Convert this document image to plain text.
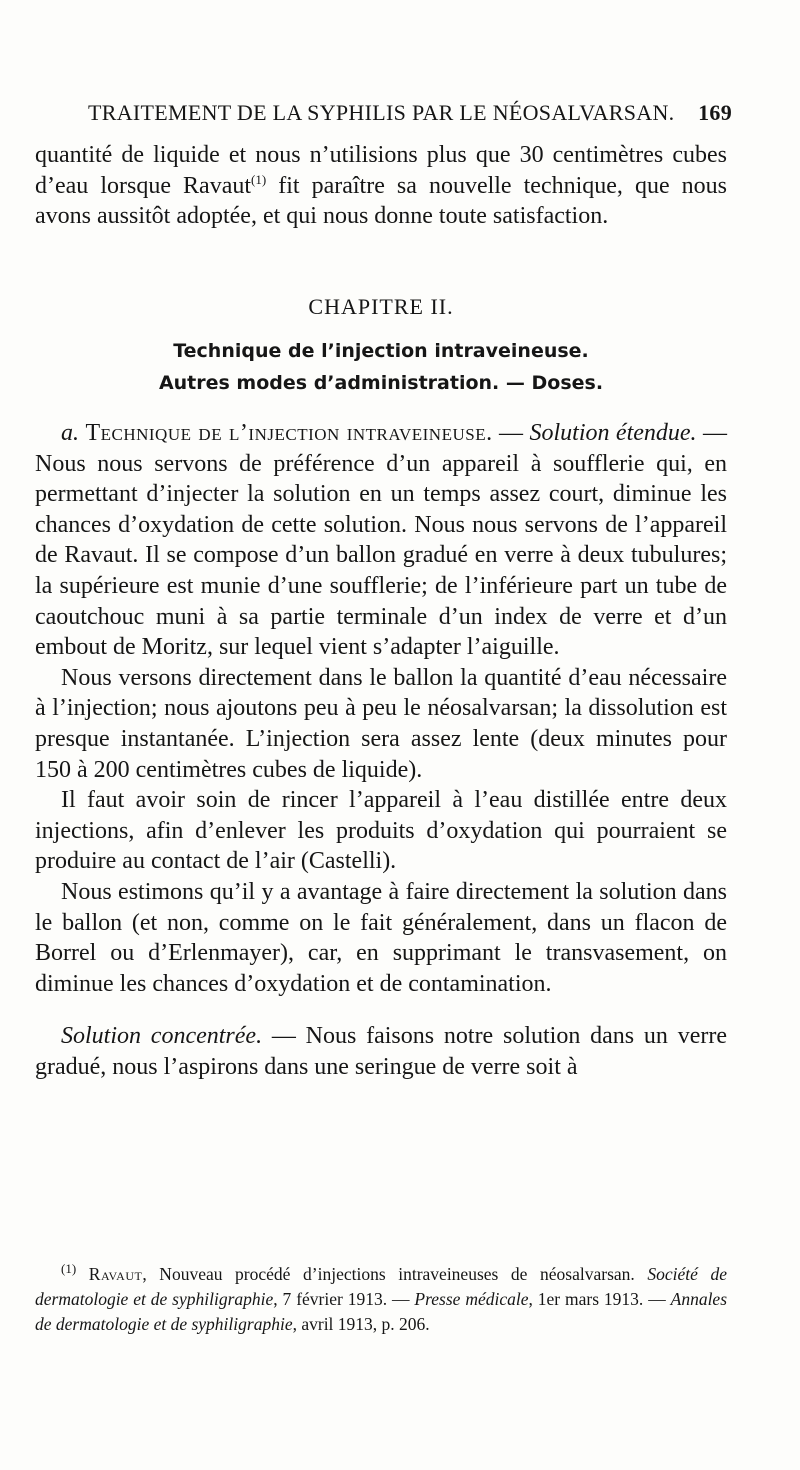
TRAITEMENT DE LA SYPHILIS PAR LE NÉOSALVARSAN. 169

quantité de liquide et nous n’utilisions plus que 30 centimètres cubes d’eau lorsque Ravaut$^{(1)}$ fit paraître sa nouvelle technique, que nous avons aussitôt adoptée, et qui nous donne toute satisfaction.

CHAPITRE II.
Technique de l’injection intraveineuse.
Autres modes d’administration. — Doses.

a. Technique de l’injection intraveineuse. — Solution étendue. — Nous nous servons de préférence d’un appareil à soufflerie qui, en permettant d’injecter la solution en un temps assez court, diminue les chances d’oxydation de cette solution. Nous nous servons de l’appareil de Ravaut. Il se compose d’un ballon gradué en verre à deux tubulures; la supérieure est munie d’une soufflerie; de l’inférieure part un tube de caoutchouc muni à sa partie terminale d’un index de verre et d’un embout de Moritz, sur lequel vient s’adapter l’aiguille.

Nous versons directement dans le ballon la quantité d’eau nécessaire à l’injection; nous ajoutons peu à peu le néosalvarsan; la dissolution est presque instantanée. L’injection sera assez lente (deux minutes pour 150 à 200 centimètres cubes de liquide).

Il faut avoir soin de rincer l’appareil à l’eau distillée entre deux injections, afin d’enlever les produits d’oxydation qui pourraient se produire au contact de l’air (Castelli).

Nous estimons qu’il y a avantage à faire directement la solution dans le ballon (et non, comme on le fait généralement, dans un flacon de Borrel ou d’Erlenmayer), car, en supprimant le transvasement, on diminue les chances d’oxydation et de contamination.

Solution concentrée. — Nous faisons notre solution dans un verre gradué, nous l’aspirons dans une seringue de verre soit à

$^{(1)}$ Ravaut, Nouveau procédé d’injections intraveineuses de néosalvarsan. Société de dermatologie et de syphiligraphie, 7 février 1913. — Presse médicale, 1er mars 1913. — Annales de dermatologie et de syphiligraphie, avril 1913, p. 206.
